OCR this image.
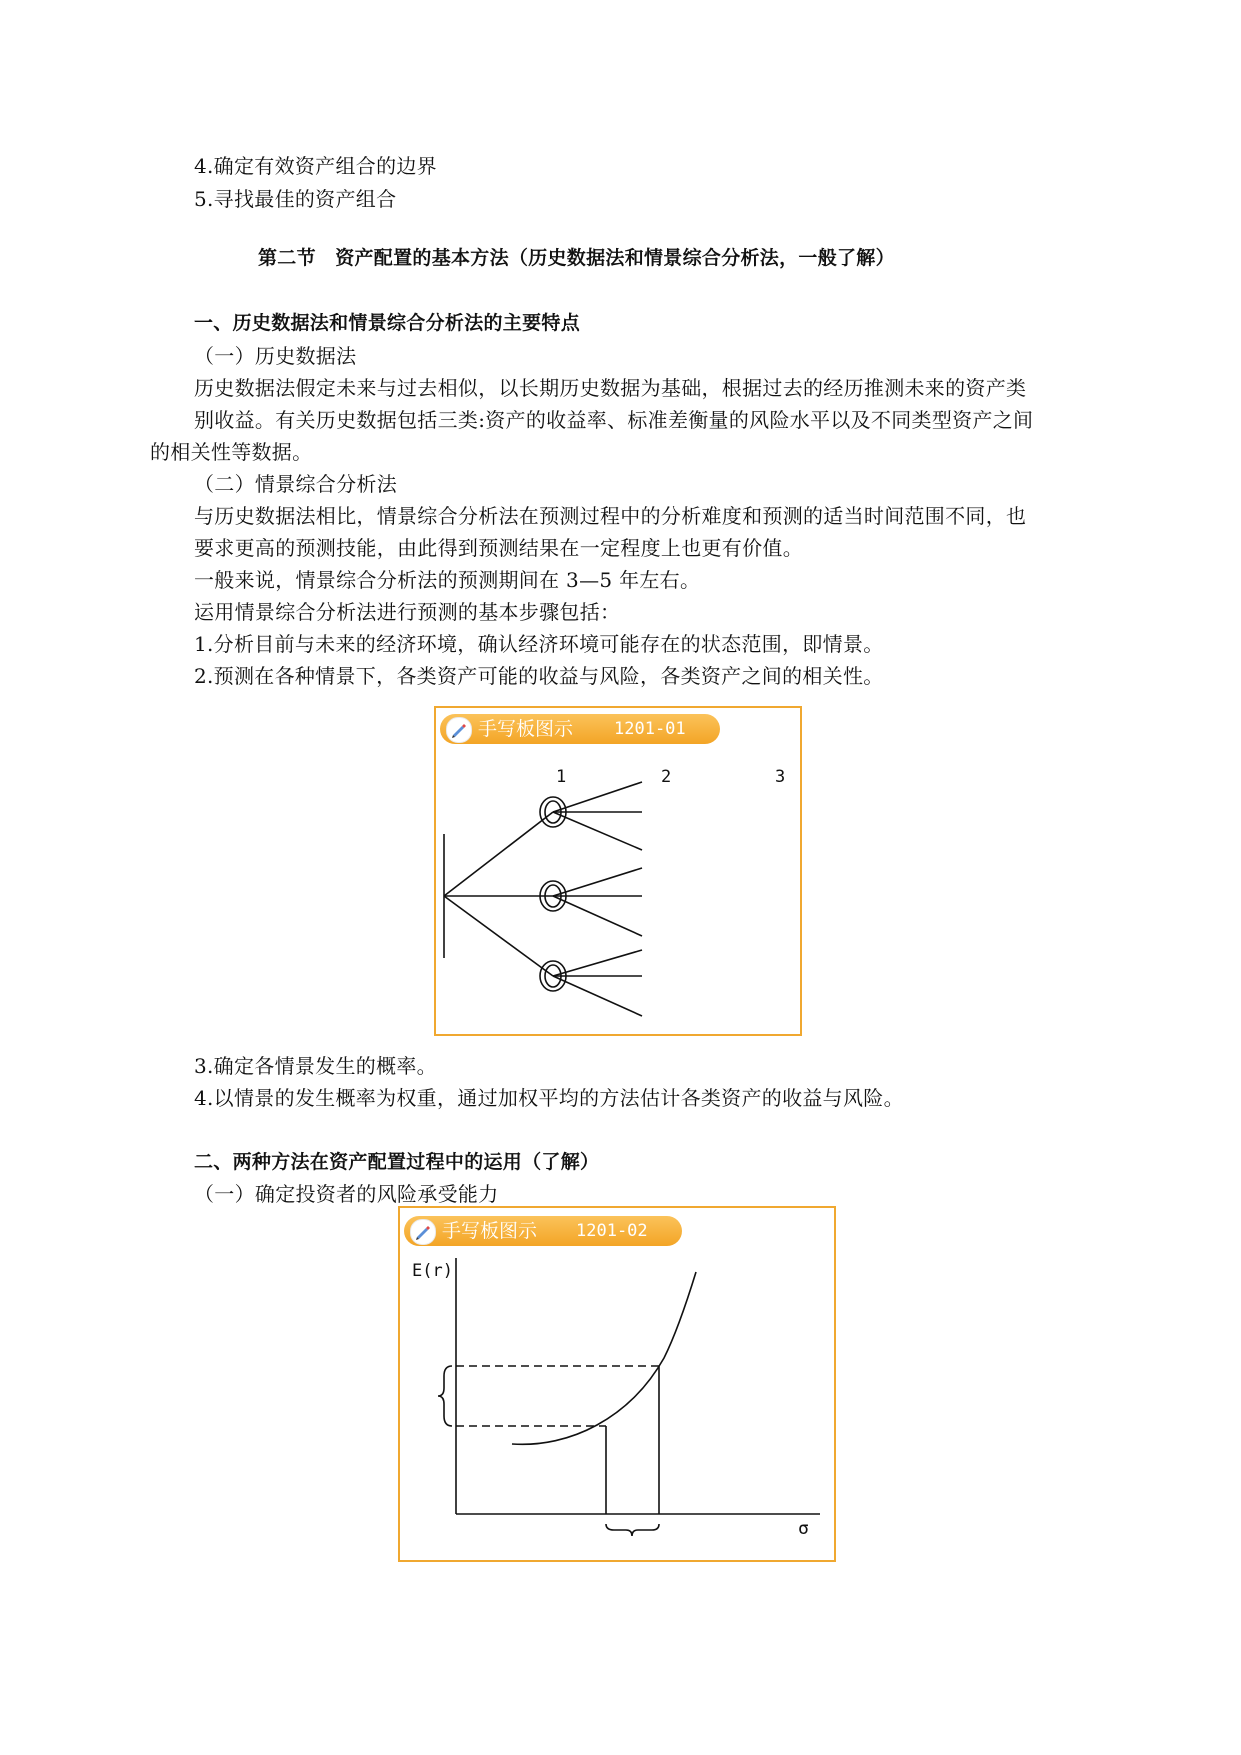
4.确定有效资产组合的边界
5.寻找最佳的资产组合
第二节　资产配置的基本方法（历史数据法和情景综合分析法，一般了解）
一、历史数据法和情景综合分析法的主要特点
（一）历史数据法
历史数据法假定未来与过去相似，以长期历史数据为基础，根据过去的经历推测未来的资产类
别收益。有关历史数据包括三类:资产的收益率、标准差衡量的风险水平以及不同类型资产之间
的相关性等数据。
（二）情景综合分析法
与历史数据法相比，情景综合分析法在预测过程中的分析难度和预测的适当时间范围不同，也
要求更高的预测技能，由此得到预测结果在一定程度上也更有价值。
一般来说，情景综合分析法的预测期间在 3—5 年左右。
运用情景综合分析法进行预测的基本步骤包括：
1.分析目前与未来的经济环境，确认经济环境可能存在的状态范围，即情景。
2.预测在各种情景下，各类资产可能的收益与风险，各类资产之间的相关性。
手写板图示 1201-01
1	2	3
3.确定各情景发生的概率。
4.以情景的发生概率为权重，通过加权平均的方法估计各类资产的收益与风险。
二、两种方法在资产配置过程中的运用（了解）
（一）确定投资者的风险承受能力
手写板图示 1201-02
E(r)
σ
